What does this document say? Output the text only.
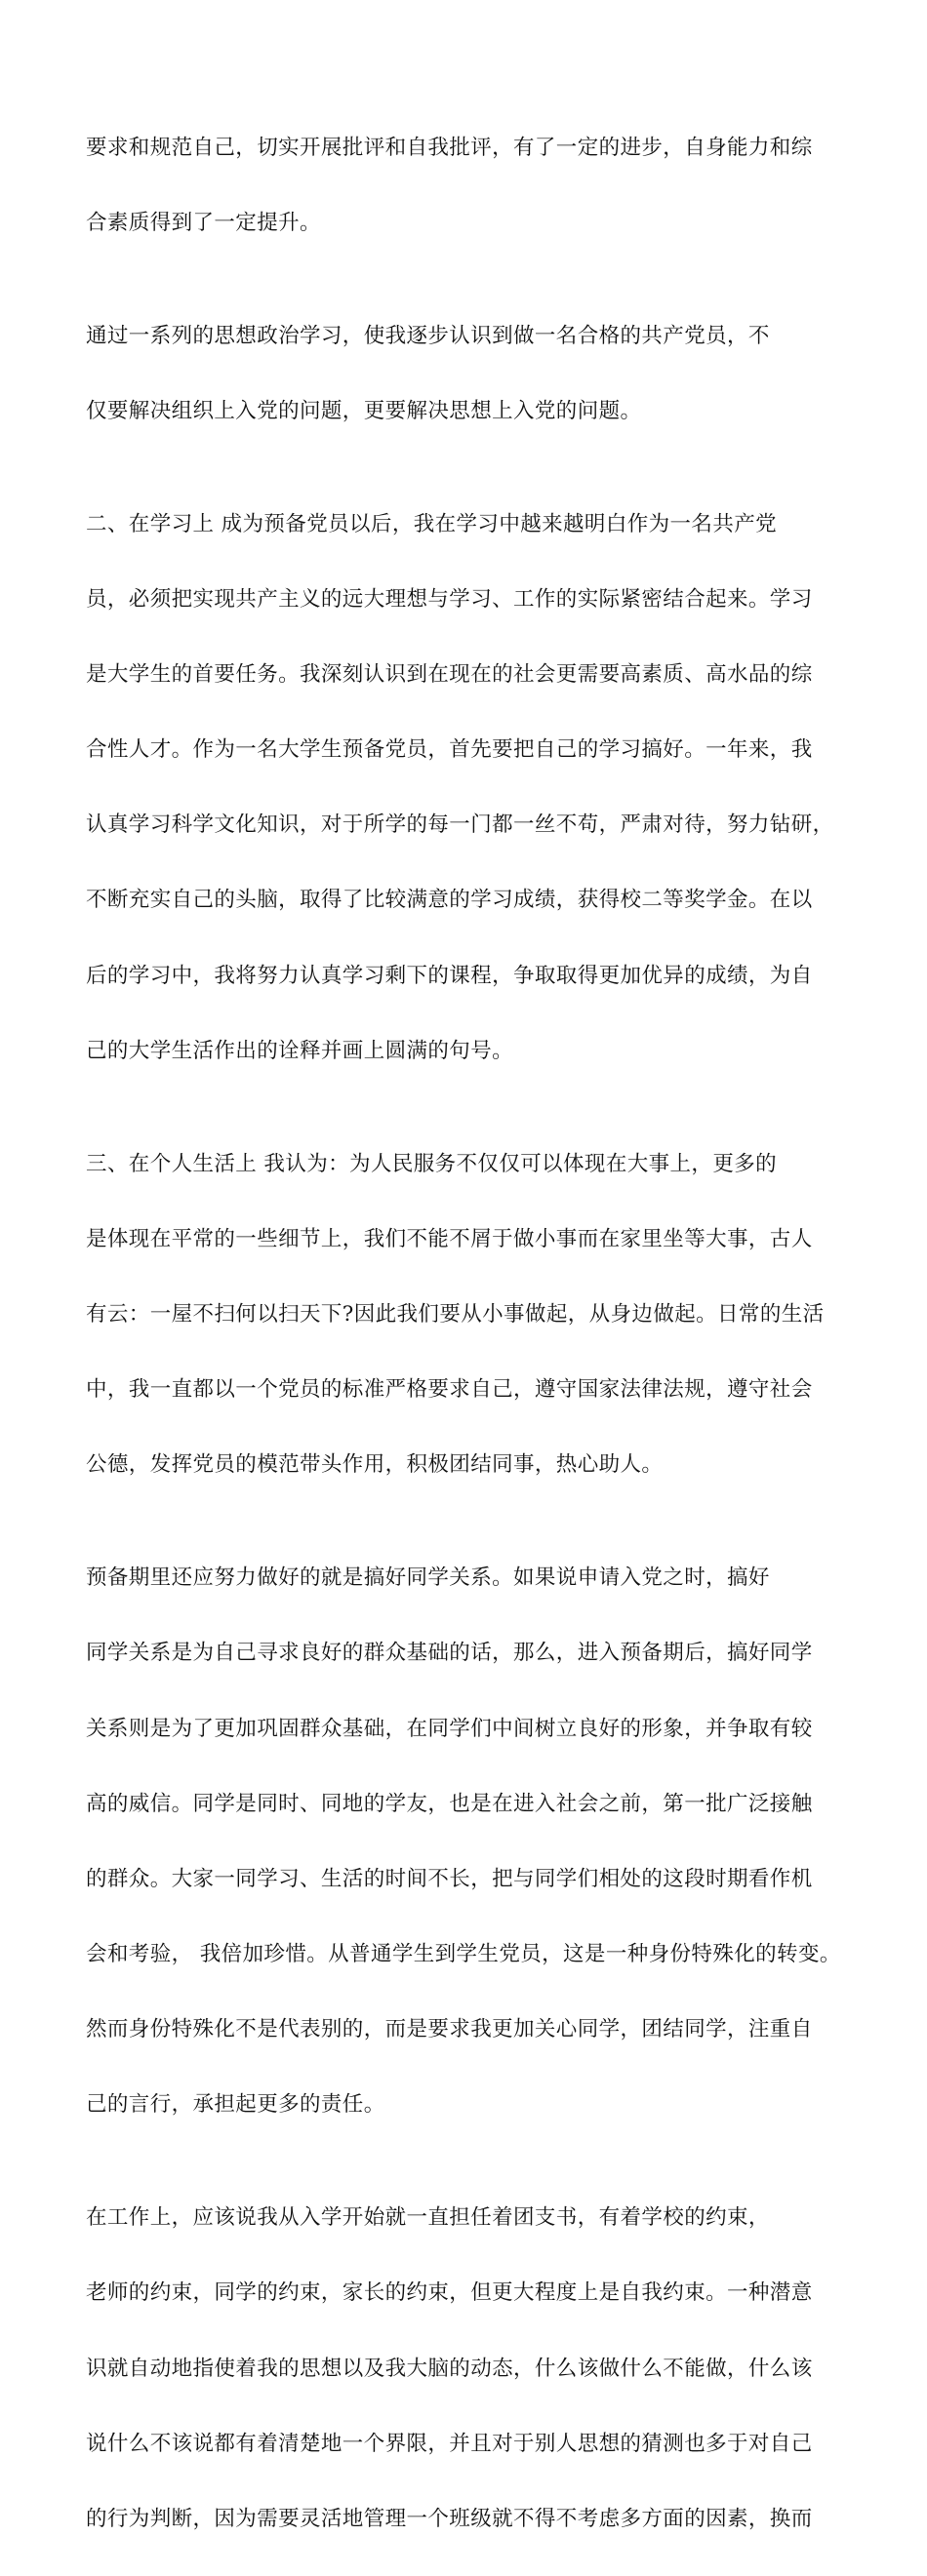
要求和规范自己，切实开展批评和自我批评，有了一定的进步，自身能力和综

合素质得到了一定提升。

通过一系列的思想政治学习，使我逐步认识到做一名合格的共产党员，不

仅要解决组织上入党的问题，更要解决思想上入党的问题。

二、在学习上 成为预备党员以后，我在学习中越来越明白作为一名共产党

员，必须把实现共产主义的远大理想与学习、工作的实际紧密结合起来。学习

是大学生的首要任务。我深刻认识到在现在的社会更需要高素质、高水品的综

合性人才。作为一名大学生预备党员，首先要把自己的学习搞好。一年来，我

认真学习科学文化知识，对于所学的每一门都一丝不苟，严肃对待，努力钻研，

不断充实自己的头脑，取得了比较满意的学习成绩，获得校二等奖学金。在以

后的学习中，我将努力认真学习剩下的课程，争取取得更加优异的成绩，为自

己的大学生活作出的诠释并画上圆满的句号。

三、在个人生活上 我认为：为人民服务不仅仅可以体现在大事上，更多的

是体现在平常的一些细节上，我们不能不屑于做小事而在家里坐等大事，古人

有云：一屋不扫何以扫天下?因此我们要从小事做起，从身边做起。日常的生活

中，我一直都以一个党员的标准严格要求自己，遵守国家法律法规，遵守社会

公德，发挥党员的模范带头作用，积极团结同事，热心助人。

预备期里还应努力做好的就是搞好同学关系。如果说申请入党之时，搞好

同学关系是为自己寻求良好的群众基础的话，那么，进入预备期后，搞好同学

关系则是为了更加巩固群众基础，在同学们中间树立良好的形象，并争取有较

高的威信。同学是同时、同地的学友，也是在进入社会之前，第一批广泛接触

的群众。大家一同学习、生活的时间不长，把与同学们相处的这段时期看作机

会和考验， 我倍加珍惜。从普通学生到学生党员，这是一种身份特殊化的转变。

然而身份特殊化不是代表别的，而是要求我更加关心同学，团结同学，注重自

己的言行，承担起更多的责任。

在工作上，应该说我从入学开始就一直担任着团支书，有着学校的约束，

老师的约束，同学的约束，家长的约束，但更大程度上是自我约束。一种潜意

识就自动地指使着我的思想以及我大脑的动态，什么该做什么不能做，什么该

说什么不该说都有着清楚地一个界限，并且对于别人思想的猜测也多于对自己

的行为判断，因为需要灵活地管理一个班级就不得不考虑多方面的因素，换而
